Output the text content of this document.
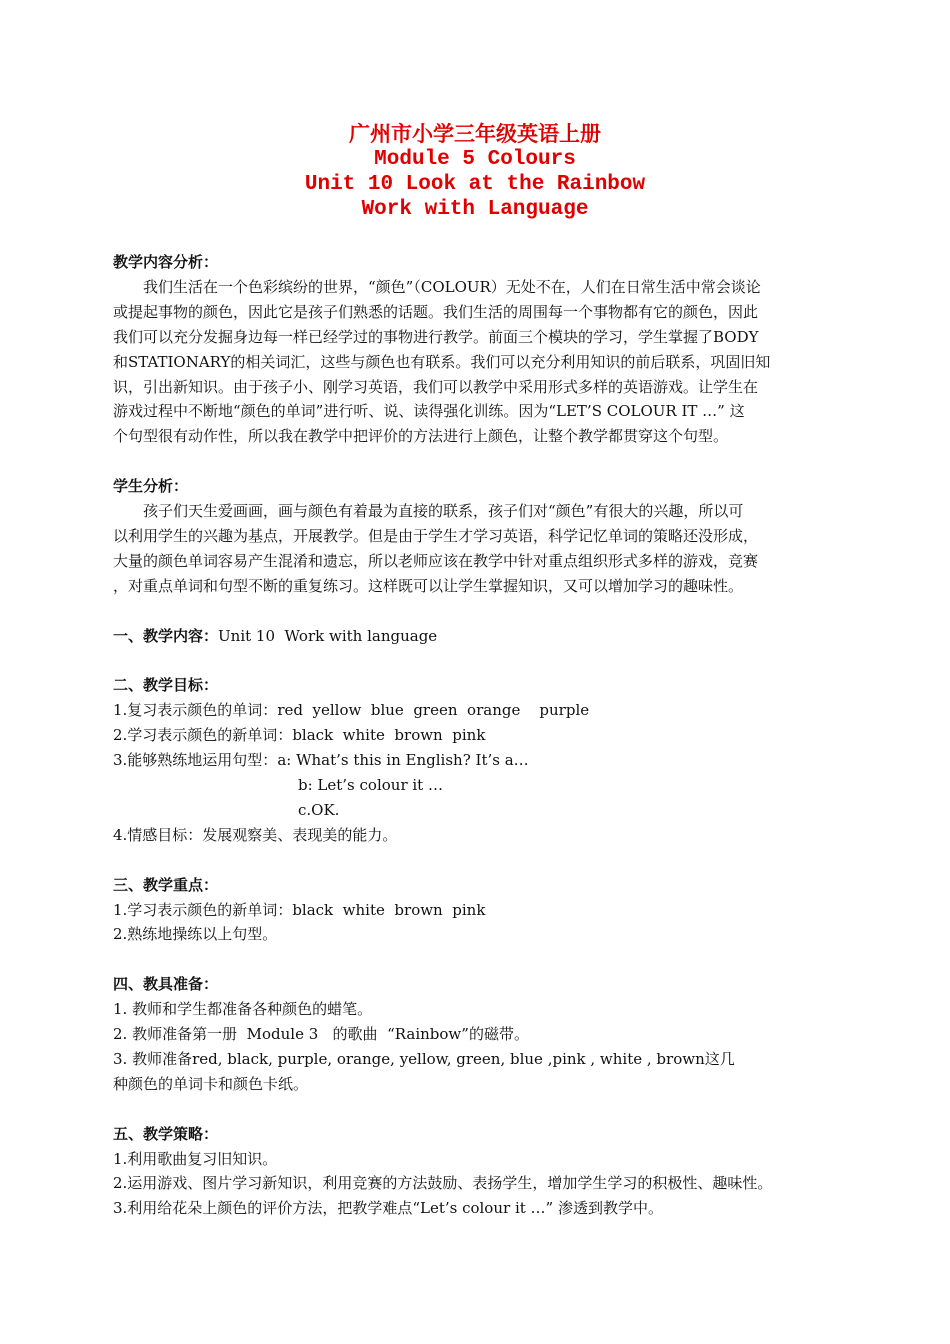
广州市小学三年级英语上册
Module 5 Colours
Unit 10 Look at the Rainbow
Work with Language
教学内容分析：
我们生活在一个色彩缤纷的世界，“颜色”（COLOUR）无处不在，人们在日常生活中常会谈论
或提起事物的颜色，因此它是孩子们熟悉的话题。我们生活的周围每一个事物都有它的颜色，因此
我们可以充分发掘身边每一样已经学过的事物进行教学。前面三个模块的学习，学生掌握了BODY
和STATIONARY的相关词汇，这些与颜色也有联系。我们可以充分利用知识的前后联系，巩固旧知
识，引出新知识。由于孩子小、刚学习英语，我们可以教学中采用形式多样的英语游戏。让学生在
游戏过程中不断地“颜色的单词”进行听、说、读得强化训练。因为“LET’S COLOUR IT …” 这
个句型很有动作性，所以我在教学中把评价的方法进行上颜色，让整个教学都贯穿这个句型。
学生分析：
孩子们天生爱画画，画与颜色有着最为直接的联系，孩子们对“颜色”有很大的兴趣，所以可
以利用学生的兴趣为基点，开展教学。但是由于学生才学习英语，科学记忆单词的策略还没形成，
大量的颜色单词容易产生混淆和遗忘，所以老师应该在教学中针对重点组织形式多样的游戏，竞赛
，对重点单词和句型不断的重复练习。这样既可以让学生掌握知识，又可以增加学习的趣味性。
一、教学内容：Unit 10  Work with language
二、教学目标：
1.复习表示颜色的单词：red  yellow  blue  green  orange    purple
2.学习表示颜色的新单词：black  white  brown  pink
3.能够熟练地运用句型：a: What’s this in English? It’s a…
b: Let’s colour it …
c.OK.
4.情感目标：发展观察美、表现美的能力。
三、教学重点：
1.学习表示颜色的新单词：black  white  brown  pink
2.熟练地操练以上句型。
四、教具准备：
1. 教师和学生都准备各种颜色的蜡笔。
2. 教师准备第一册  Module 3   的歌曲  “Rainbow”的磁带。
3. 教师准备red, black, purple, orange, yellow, green, blue ,pink , white , brown这几
种颜色的单词卡和颜色卡纸。
五、教学策略：
1.利用歌曲复习旧知识。
2.运用游戏、图片学习新知识，利用竞赛的方法鼓励、表扬学生，增加学生学习的积极性、趣味性。
3.利用给花朵上颜色的评价方法，把教学难点“Let’s colour it …” 渗透到教学中。
